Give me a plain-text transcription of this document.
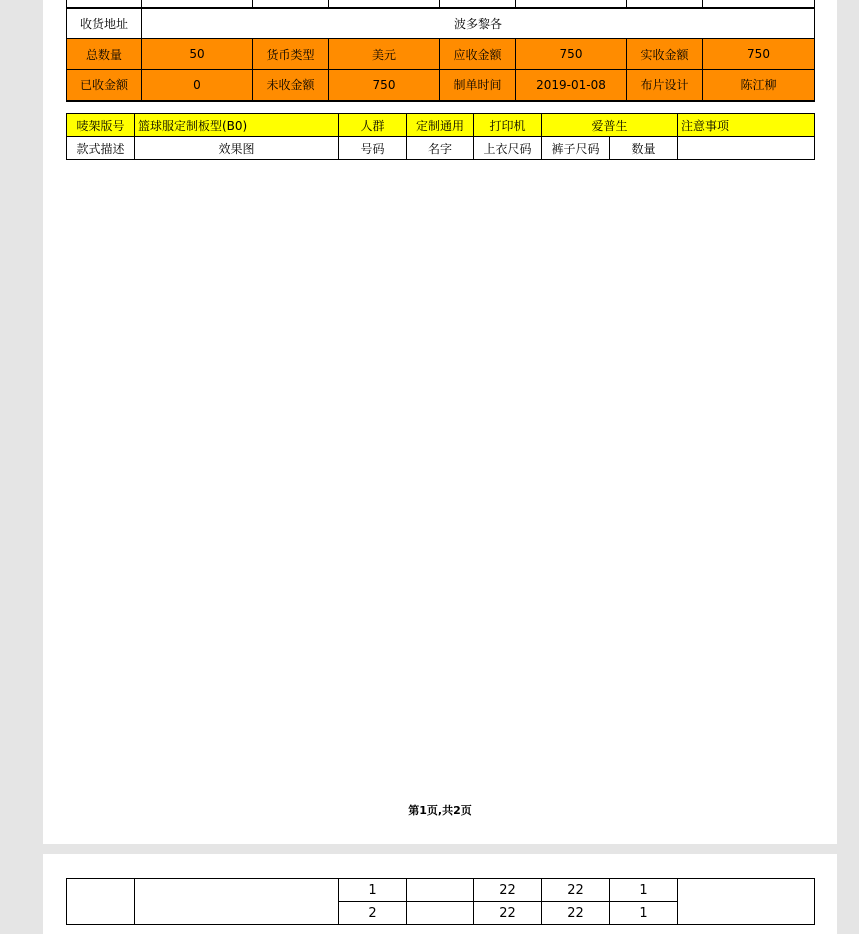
收货地址	波多黎各						
总数量	50	货币类型	美元	应收金额	750	实收金额	750
已收金额	0	未收金额	750	制单时间	2019-01-08	布片设计	陈江柳
唛架版号	篮球服定制板型(B0)	人群	定制通用	打印机	爱普生		注意事项
款式描述	效果图	号码	名字	上衣尺码	裤子尺码	数量	
第1页,共2页
		1		22	22	1	
		2		22	22	1	
